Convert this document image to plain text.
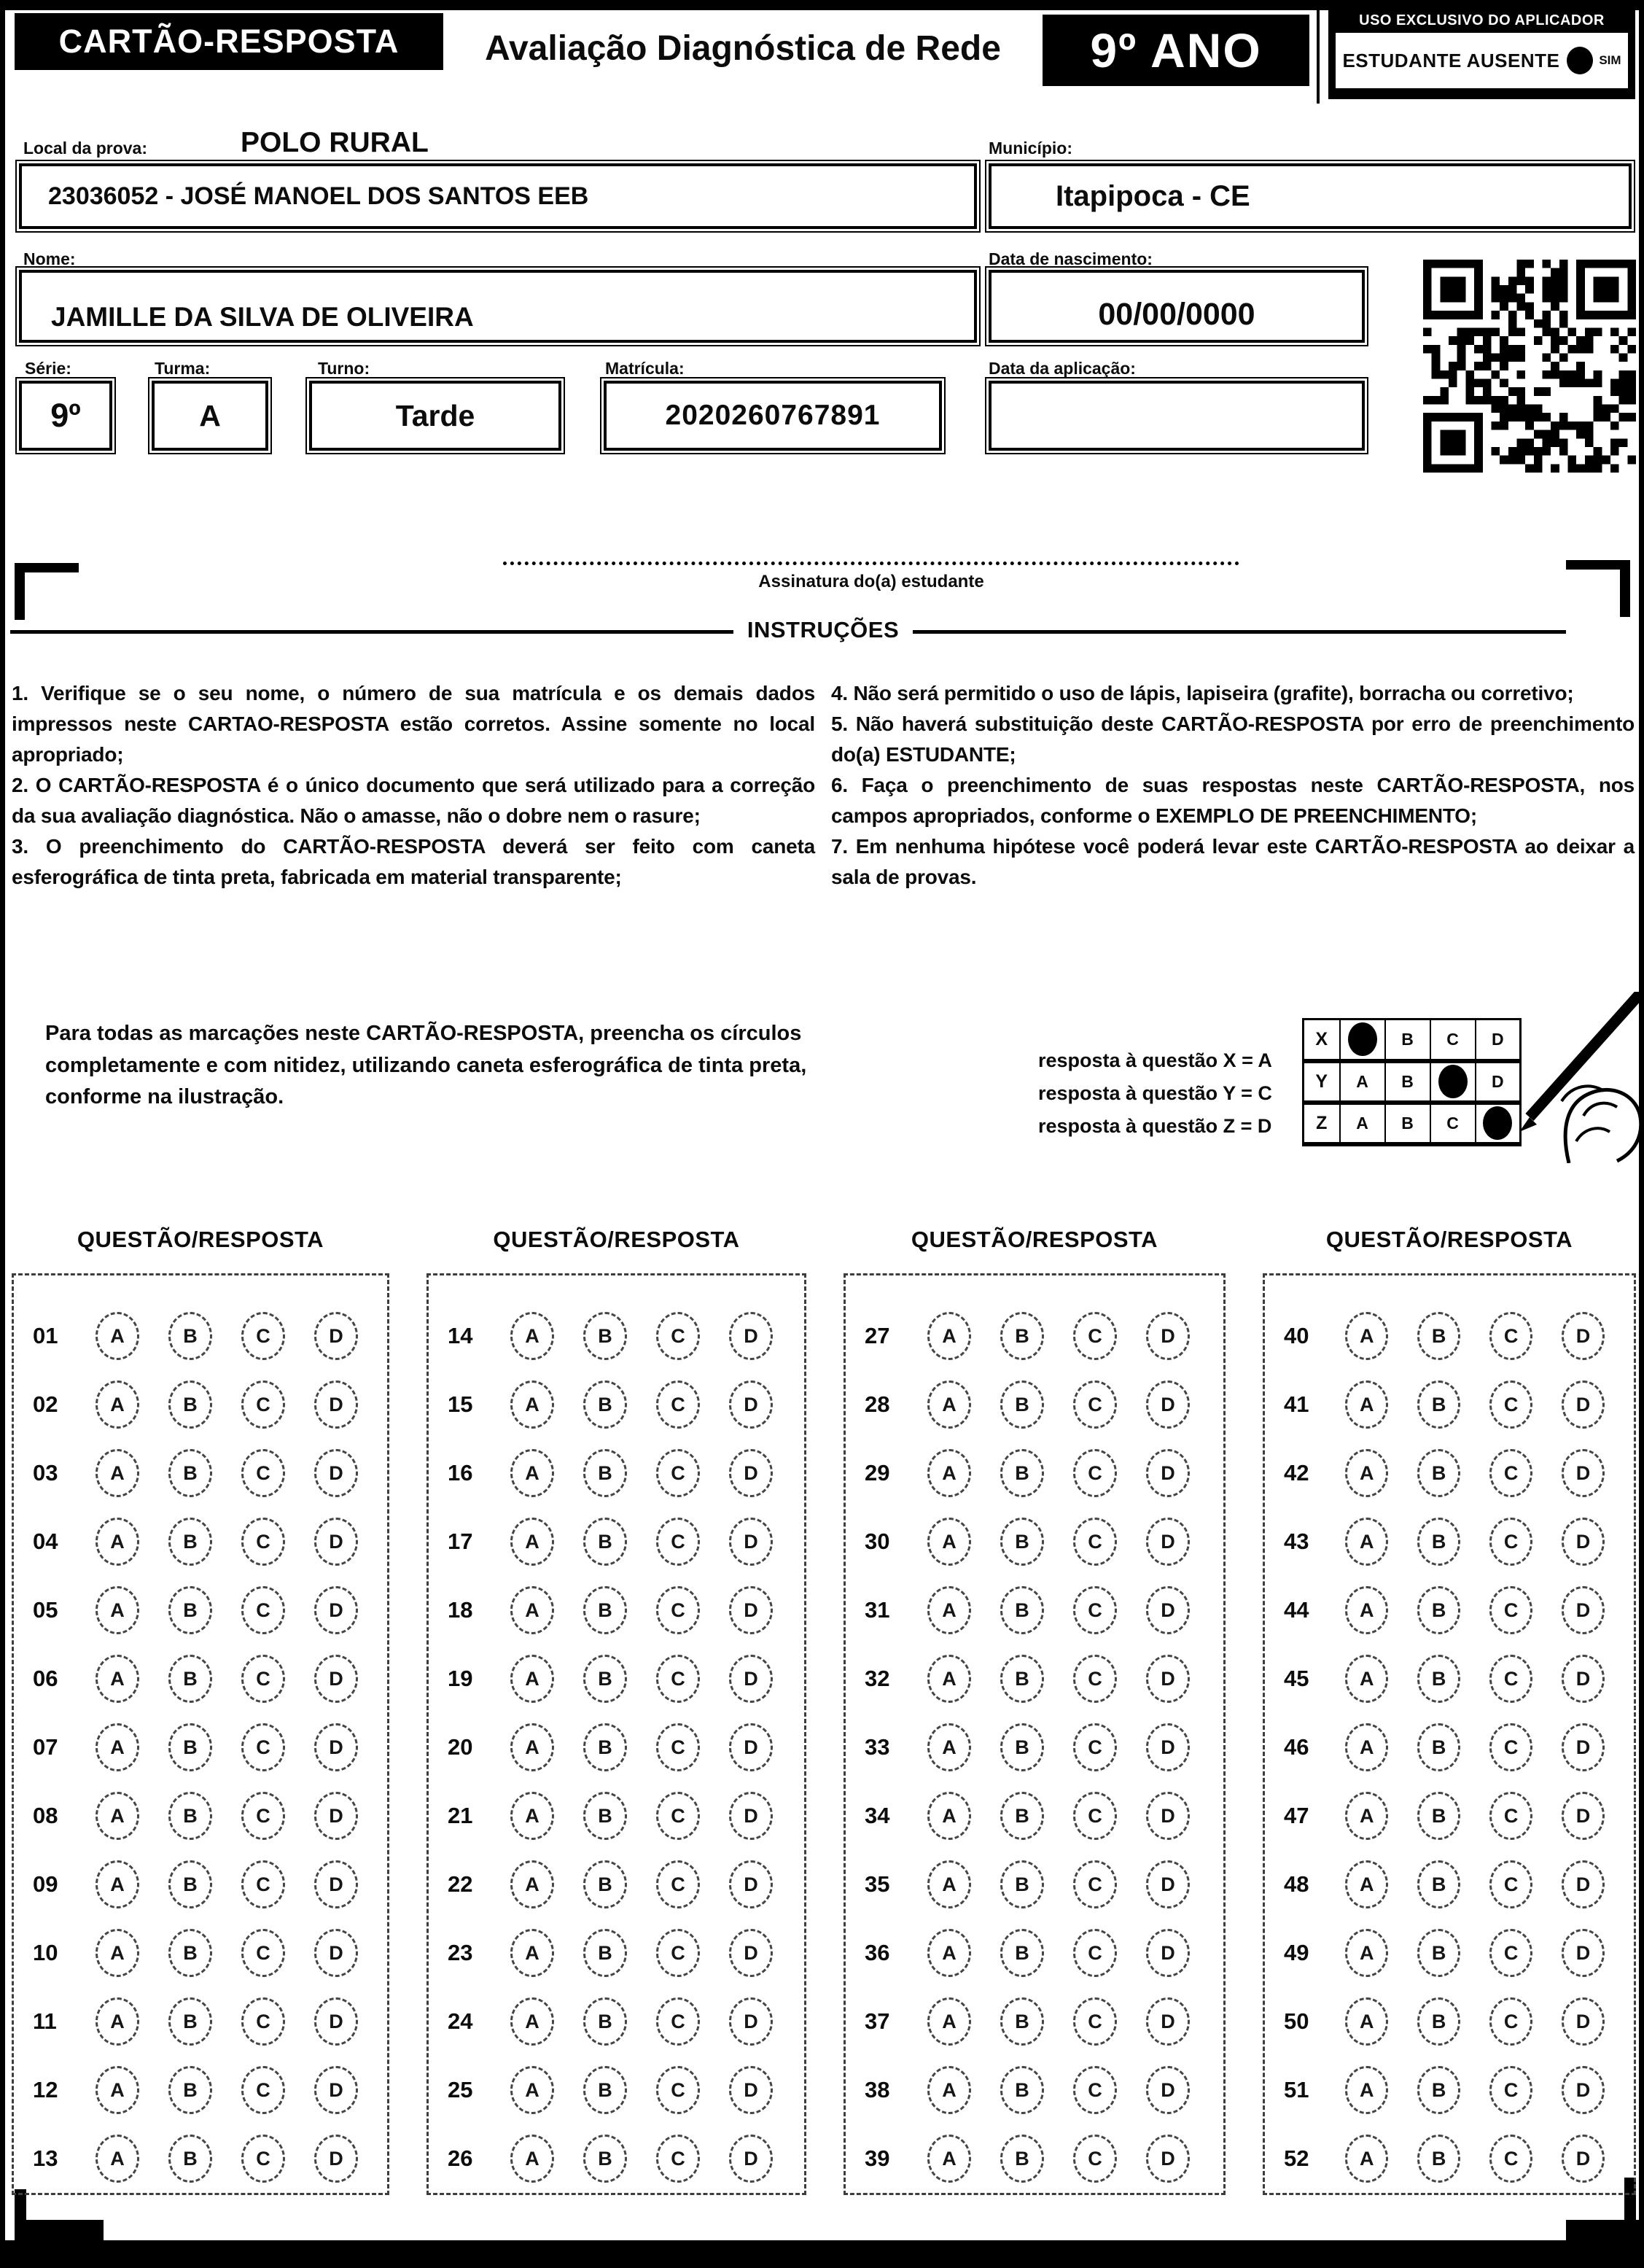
CARTÃO-RESPOSTA	Avaliação Diagnóstica de Rede	9º ANO
USO EXCLUSIVO DO APLICADOR
ESTUDANTE AUSENTE	SIM
Local da prova:	POLO RURAL
23036052 - JOSÉ MANOEL DOS SANTOS EEB
Município:
Itapipoca - CE
Nome:
JAMILLE DA SILVA DE OLIVEIRA
Data de nascimento:
00/00/0000
Série:
9º
Turma:
A
Turno:
Tarde
Matrícula:
2020260767891
Data da aplicação:
Assinatura do(a) estudante
INSTRUÇÕES

1. Verifique se o seu nome, o número de sua matrícula e os demais dados impressos neste CARTAO-RESPOSTA estão corretos. Assine somente no local apropriado;

2. O CARTÃO-RESPOSTA é o único documento que será utilizado para a correção da sua avaliação diagnóstica. Não o amasse, não o dobre nem o rasure;

3. O preenchimento do CARTÃO-RESPOSTA deverá ser feito com caneta esferográfica de tinta preta, fabricada em material transparente;

4. Não será permitido o uso de lápis, lapiseira (grafite), borracha ou corretivo;

5. Não haverá substituição deste CARTÃO-RESPOSTA por erro de preenchimento do(a) ESTUDANTE;

6. Faça o preenchimento de suas respostas neste CARTÃO-RESPOSTA, nos campos apropriados, conforme o EXEMPLO DE PREENCHIMENTO;

7. Em nenhuma hipótese você poderá levar este CARTÃO-RESPOSTA ao deixar a sala de provas.

Para todas as marcações neste CARTÃO-RESPOSTA, preencha os círculos completamente e com nitidez, utilizando caneta esferográfica de tinta preta, conforme na ilustração.
resposta à questão X = A
resposta à questão Y = C
resposta à questão Z = D
X		B	C	D
Y	A	B		D
Z	A	B	C	
QUESTÃO/RESPOSTA
01	A	B	C	D
02	A	B	C	D
03	A	B	C	D
04	A	B	C	D
05	A	B	C	D
06	A	B	C	D
07	A	B	C	D
08	A	B	C	D
09	A	B	C	D
10	A	B	C	D
11	A	B	C	D
12	A	B	C	D
13	A	B	C	D
QUESTÃO/RESPOSTA
14	A	B	C	D
15	A	B	C	D
16	A	B	C	D
17	A	B	C	D
18	A	B	C	D
19	A	B	C	D
20	A	B	C	D
21	A	B	C	D
22	A	B	C	D
23	A	B	C	D
24	A	B	C	D
25	A	B	C	D
26	A	B	C	D
QUESTÃO/RESPOSTA
27	A	B	C	D
28	A	B	C	D
29	A	B	C	D
30	A	B	C	D
31	A	B	C	D
32	A	B	C	D
33	A	B	C	D
34	A	B	C	D
35	A	B	C	D
36	A	B	C	D
37	A	B	C	D
38	A	B	C	D
39	A	B	C	D
QUESTÃO/RESPOSTA
40	A	B	C	D
41	A	B	C	D
42	A	B	C	D
43	A	B	C	D
44	A	B	C	D
45	A	B	C	D
46	A	B	C	D
47	A	B	C	D
48	A	B	C	D
49	A	B	C	D
50	A	B	C	D
51	A	B	C	D
52	A	B	C	D
